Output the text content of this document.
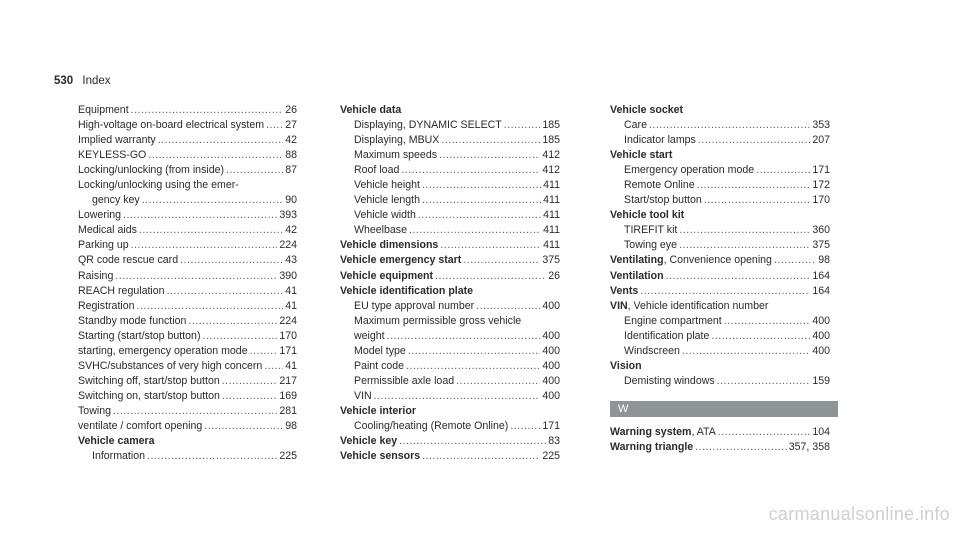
530 Index
Equipment .....	26
High-voltage on-board electrical system ..... 27
Implied warranty .....	42
KEYLESS-GO .....	88
Locking/unlocking (from inside) .....	87
Locking/unlocking using the emer-
gency key .....	90
Lowering .....	393
Medical aids .....	42
Parking up .....	224
QR code rescue card .....	43
Raising .....	390
REACH regulation .....	41
Registration .....	41
Standby mode function .....	224
Starting (start/stop button) .....	170
starting, emergency operation mode .....	171
SVHC/substances of very high concern ..... 41
Switching off, start/stop button .....	217
Switching on, start/stop button .....	169
Towing .....	281
ventilate / comfort opening .....	98
Vehicle camera
Information .....	225
Vehicle data
Displaying, DYNAMIC SELECT .....	185
Displaying, MBUX .....	185
Maximum speeds .....	412
Roof load .....	412
Vehicle height .....	411
Vehicle length .....	411
Vehicle width .....	411
Wheelbase .....	411
Vehicle dimensions .....	411
Vehicle emergency start .....	375
Vehicle equipment .....	26
Vehicle identification plate
EU type approval number .....	400
Maximum permissible gross vehicle
weight .....	400
Model type .....	400
Paint code .....	400
Permissible axle load .....	400
VIN .....	400
Vehicle interior
Cooling/heating (Remote Online) .....	171
Vehicle key .....	83
Vehicle sensors .....	225
Vehicle socket
Care .....	353
Indicator lamps .....	207
Vehicle start
Emergency operation mode .....	171
Remote Online .....	172
Start/stop button .....	170
Vehicle tool kit
TIREFIT kit .....	360
Towing eye .....	375
Ventilating, Convenience opening .....	98
Ventilation .....	164
Vents .....	164
VIN, Vehicle identification number
Engine compartment .....	400
Identification plate .....	400
Windscreen .....	400
Vision
Demisting windows .....	159
W
Warning system, ATA .....	104
Warning triangle .....	357, 358
carmanualsonline.info
